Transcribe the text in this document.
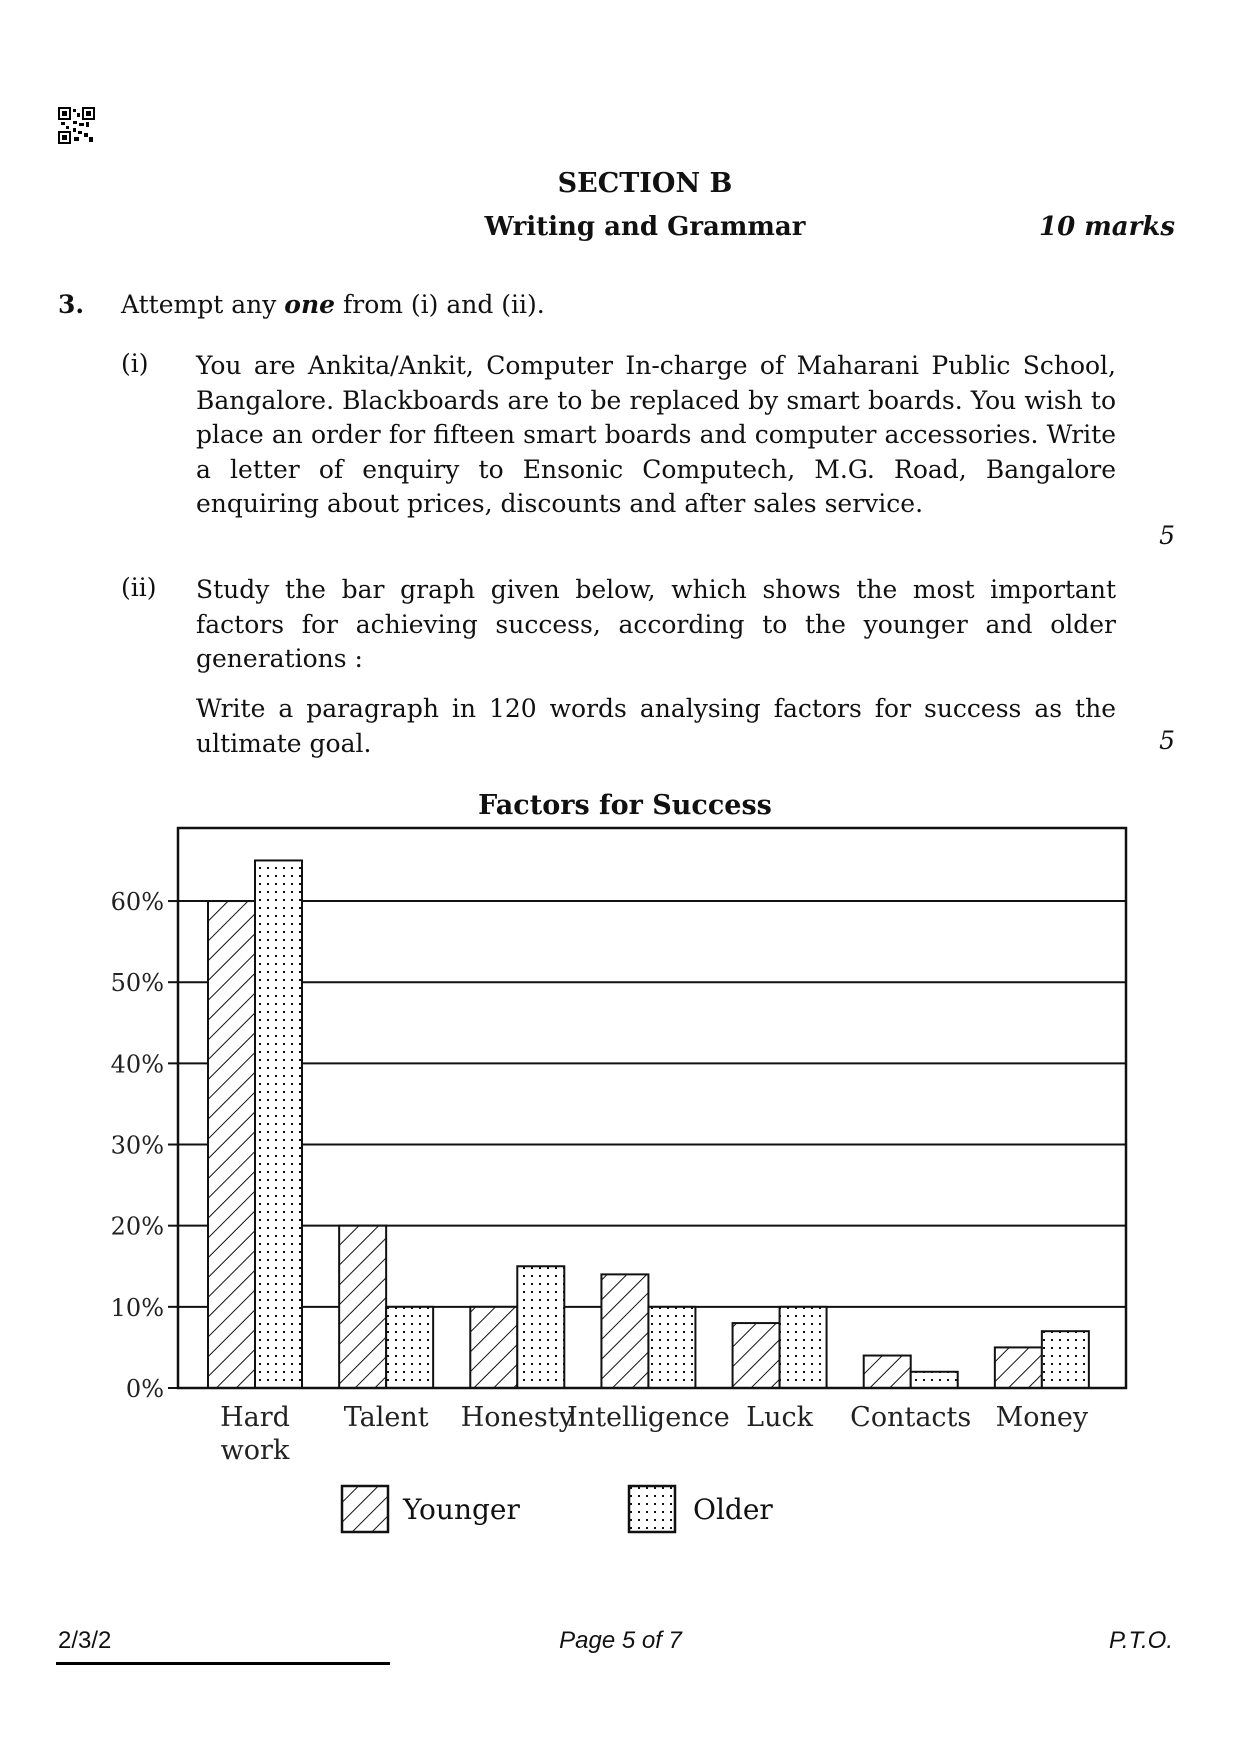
SECTION B
Writing and Grammar	10 marks
3. Attempt any one from (i) and (ii).
(i) You are Ankita/Ankit, Computer In-charge of Maharani Public School, Bangalore. Blackboards are to be replaced by smart boards. You wish to place an order for fifteen smart boards and computer accessories. Write a letter of enquiry to Ensonic Computech, M.G. Road, Bangalore enquiring about prices, discounts and after sales service.
5
(ii) Study the bar graph given below, which shows the most important factors for achieving success, according to the younger and older generations :
Write a paragraph in 120 words analysing factors for success as the ultimate goal.	5
Factors for Success
0%
10%
20%
30%
40%
50%
60%
Hard work
Talent Honesty
Intelligence Luck Contacts Money
Younger	Older
2/3/2	Page 5 of 7	P.T.O.
